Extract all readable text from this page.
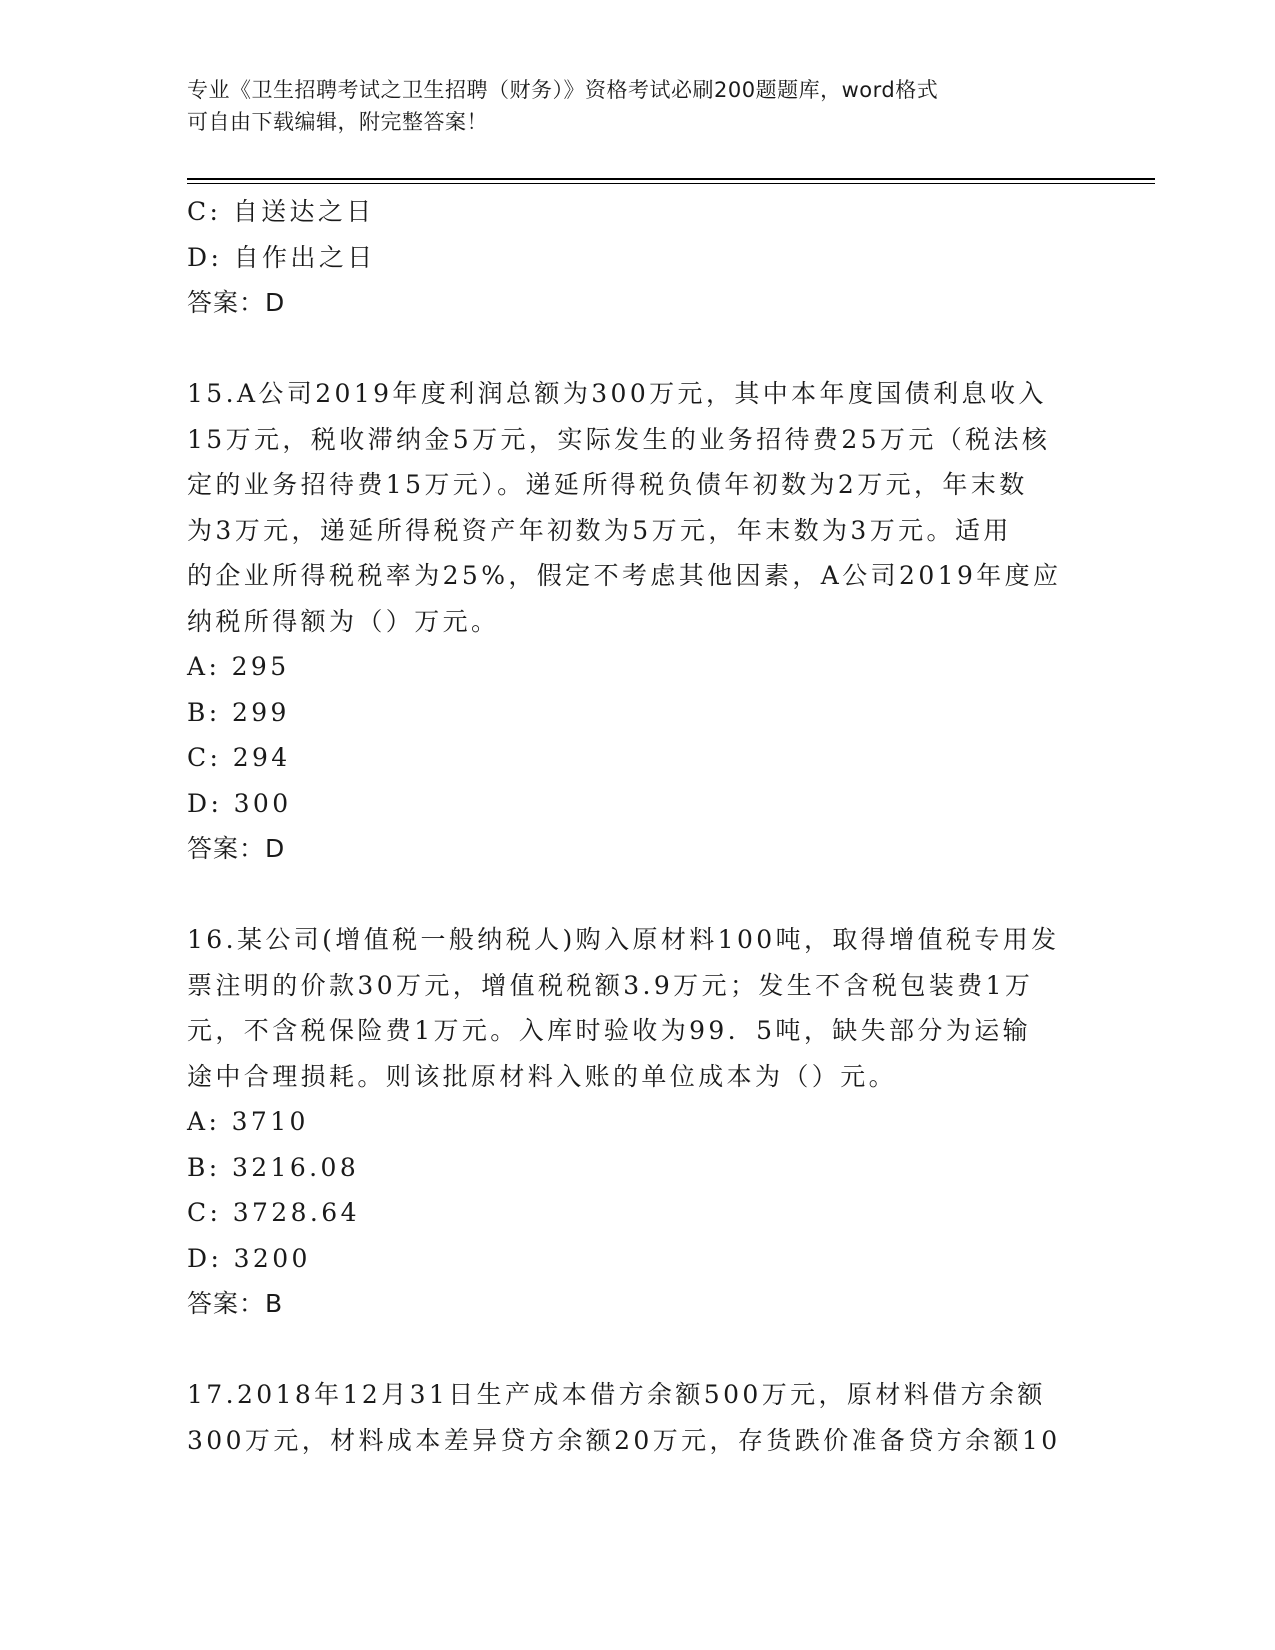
专业《卫生招聘考试之卫生招聘（财务）》资格考试必刷200题题库，word格式
可自由下载编辑，附完整答案！
C: 自送达之日
D: 自作出之日
答案：D
15.A公司2019年度利润总额为300万元，其中本年度国债利息收入
15万元，税收滞纳金5万元，实际发生的业务招待费25万元（税法核
定的业务招待费15万元）。递延所得税负债年初数为2万元，年末数
为3万元，递延所得税资产年初数为5万元，年末数为3万元。适用
的企业所得税税率为25%，假定不考虑其他因素，A公司2019年度应
纳税所得额为（）万元。
A: 295
B: 299
C: 294
D: 300
答案：D
16.某公司(增值税一般纳税人)购入原材料100吨，取得增值税专用发
票注明的价款30万元，增值税税额3.9万元；发生不含税包装费1万
元，不含税保险费1万元。入库时验收为99．5吨，缺失部分为运输
途中合理损耗。则该批原材料入账的单位成本为（）元。
A: 3710
B: 3216.08
C: 3728.64
D: 3200
答案：B
17.2018年12月31日生产成本借方余额500万元，原材料借方余额
300万元，材料成本差异贷方余额20万元，存货跌价准备贷方余额10
